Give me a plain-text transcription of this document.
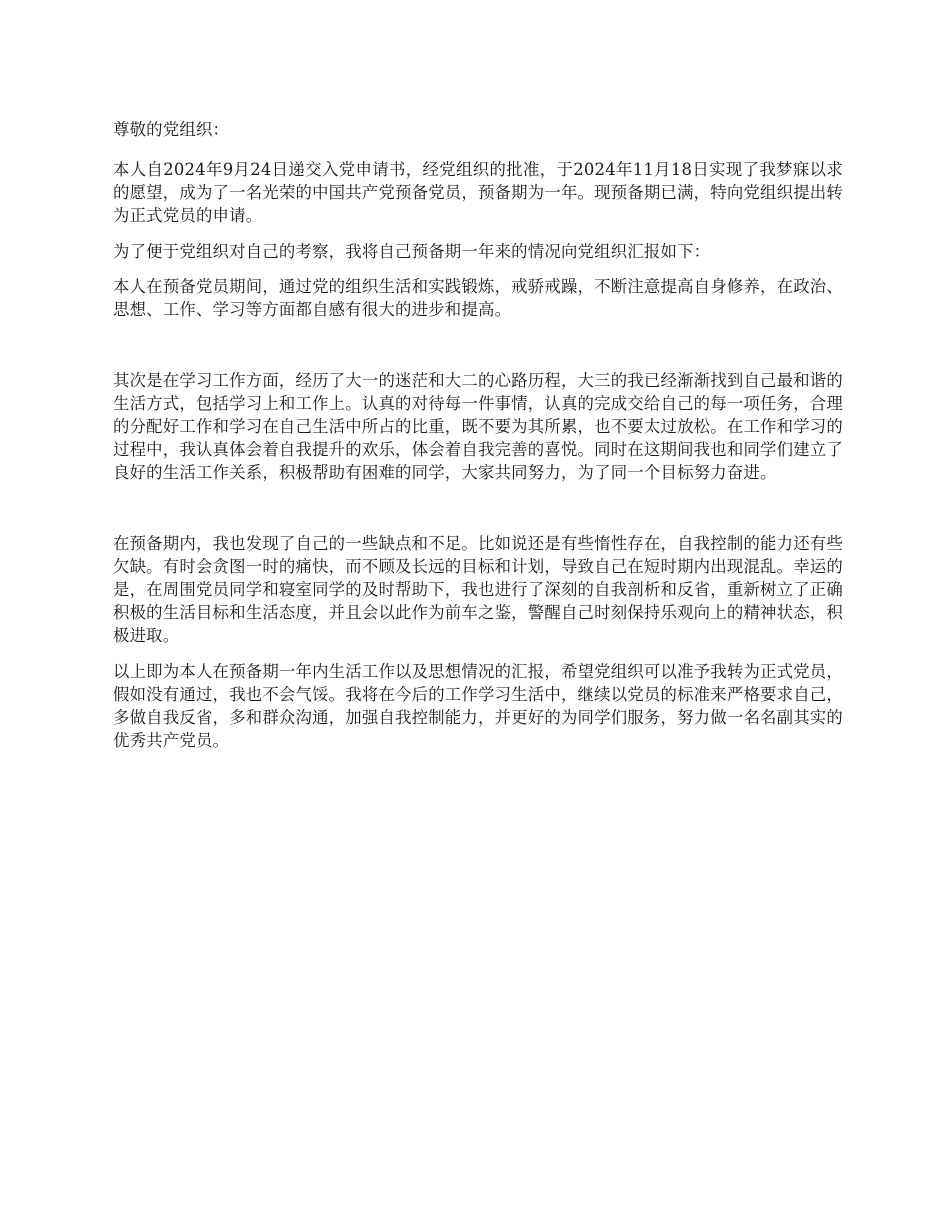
尊敬的党组织：

本人自2024年9月24日递交入党申请书，经党组织的批准，于2024年11月18日实现了我梦寐以求的愿望，成为了一名光荣的中国共产党预备党员，预备期为一年。现预备期已满，特向党组织提出转为正式党员的申请。

为了便于党组织对自己的考察，我将自己预备期一年来的情况向党组织汇报如下：

本人在预备党员期间，通过党的组织生活和实践锻炼，戒骄戒躁，不断注意提高自身修养，在政治、思想、工作、学习等方面都自感有很大的进步和提高。

其次是在学习工作方面，经历了大一的迷茫和大二的心路历程，大三的我已经渐渐找到自己最和谐的生活方式，包括学习上和工作上。认真的对待每一件事情，认真的完成交给自己的每一项任务，合理的分配好工作和学习在自己生活中所占的比重，既不要为其所累，也不要太过放松。在工作和学习的过程中，我认真体会着自我提升的欢乐，体会着自我完善的喜悦。同时在这期间我也和同学们建立了良好的生活工作关系，积极帮助有困难的同学，大家共同努力，为了同一个目标努力奋进。

在预备期内，我也发现了自己的一些缺点和不足。比如说还是有些惰性存在，自我控制的能力还有些欠缺。有时会贪图一时的痛快，而不顾及长远的目标和计划，导致自己在短时期内出现混乱。幸运的是，在周围党员同学和寝室同学的及时帮助下，我也进行了深刻的自我剖析和反省，重新树立了正确积极的生活目标和生活态度，并且会以此作为前车之鉴，警醒自己时刻保持乐观向上的精神状态，积极进取。

以上即为本人在预备期一年内生活工作以及思想情况的汇报，希望党组织可以准予我转为正式党员，假如没有通过，我也不会气馁。我将在今后的工作学习生活中，继续以党员的标准来严格要求自己，多做自我反省，多和群众沟通，加强自我控制能力，并更好的为同学们服务，努力做一名名副其实的优秀共产党员。
